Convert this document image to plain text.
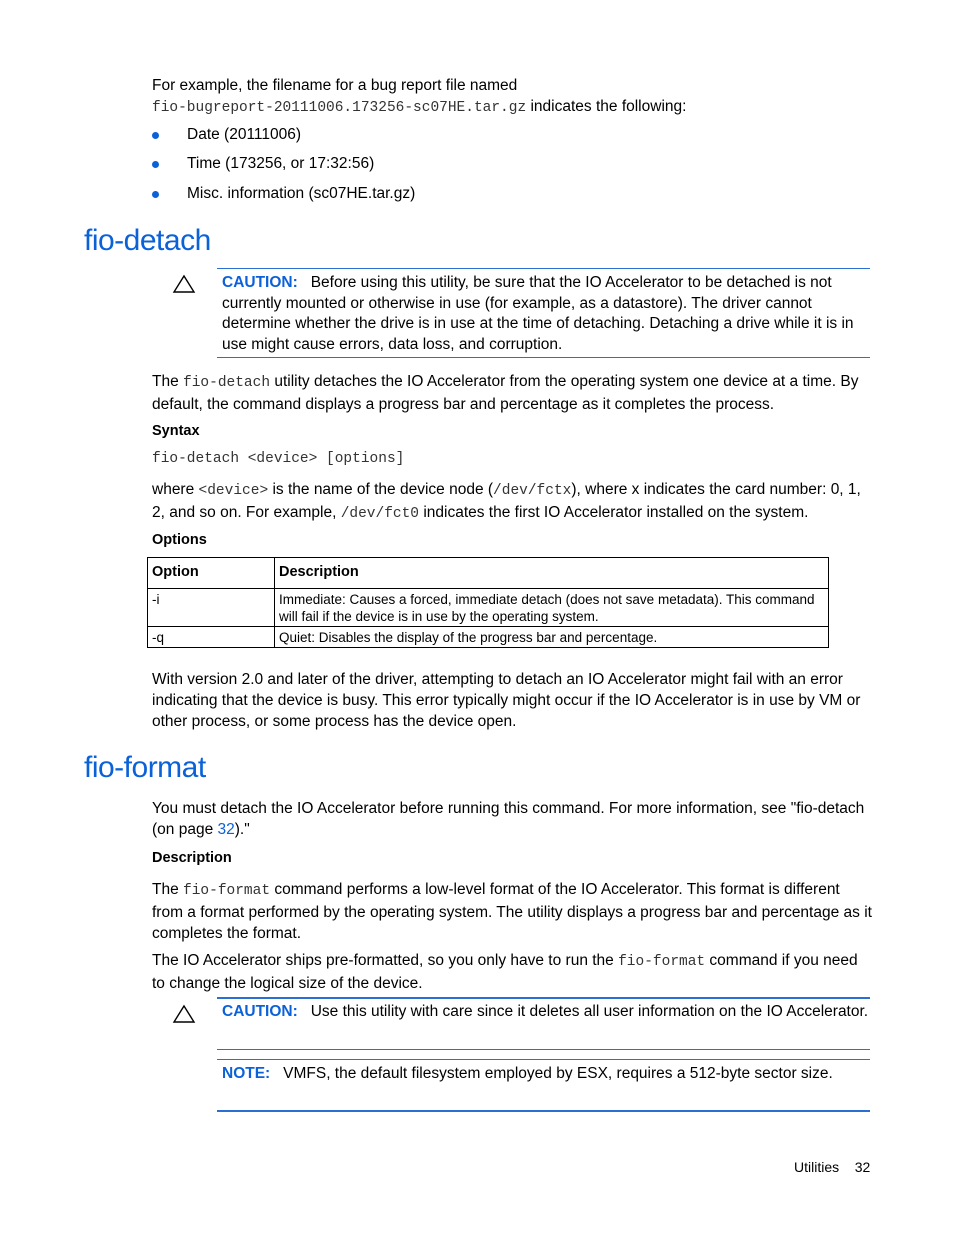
For example, the filename for a bug report file named
fio-bugreport-20111006.173256-sc07HE.tar.gz indicates the following:

Date (20111006)
Time (173256, or 17:32:56)
Misc. information (sc07HE.tar.gz)
fio-detach

CAUTION: Before using this utility, be sure that the IO Accelerator to be detached is not currently mounted or otherwise in use (for example, as a datastore). The driver cannot determine whether the drive is in use at the time of detaching. Detaching a drive while it is in use might cause errors, data loss, and corruption.

The fio-detach utility detaches the IO Accelerator from the operating system one device at a time. By default, the command displays a progress bar and percentage as it completes the process.

Syntax
fio-detach <device> [options]

where <device> is the name of the device node (/dev/fctx), where x indicates the card number: 0, 1, 2, and so on. For example, /dev/fct0 indicates the first IO Accelerator installed on the system.

Options
Option	Description
-i	Immediate: Causes a forced, immediate detach (does not save metadata). This command will fail if the device is in use by the operating system.
-q	Quiet: Disables the display of the progress bar and percentage.

With version 2.0 and later of the driver, attempting to detach an IO Accelerator might fail with an error indicating that the device is busy. This error typically might occur if the IO Accelerator is in use by VM or other process, or some process has the device open.

fio-format

You must detach the IO Accelerator before running this command. For more information, see "fio-detach (on page 32)."

Description

The fio-format command performs a low-level format of the IO Accelerator. This format is different from a format performed by the operating system. The utility displays a progress bar and percentage as it completes the format.

The IO Accelerator ships pre-formatted, so you only have to run the fio-format command if you need to change the logical size of the device.

CAUTION: Use this utility with care since it deletes all user information on the IO Accelerator.

NOTE: VMFS, the default filesystem employed by ESX, requires a 512-byte sector size.

Utilities 32
